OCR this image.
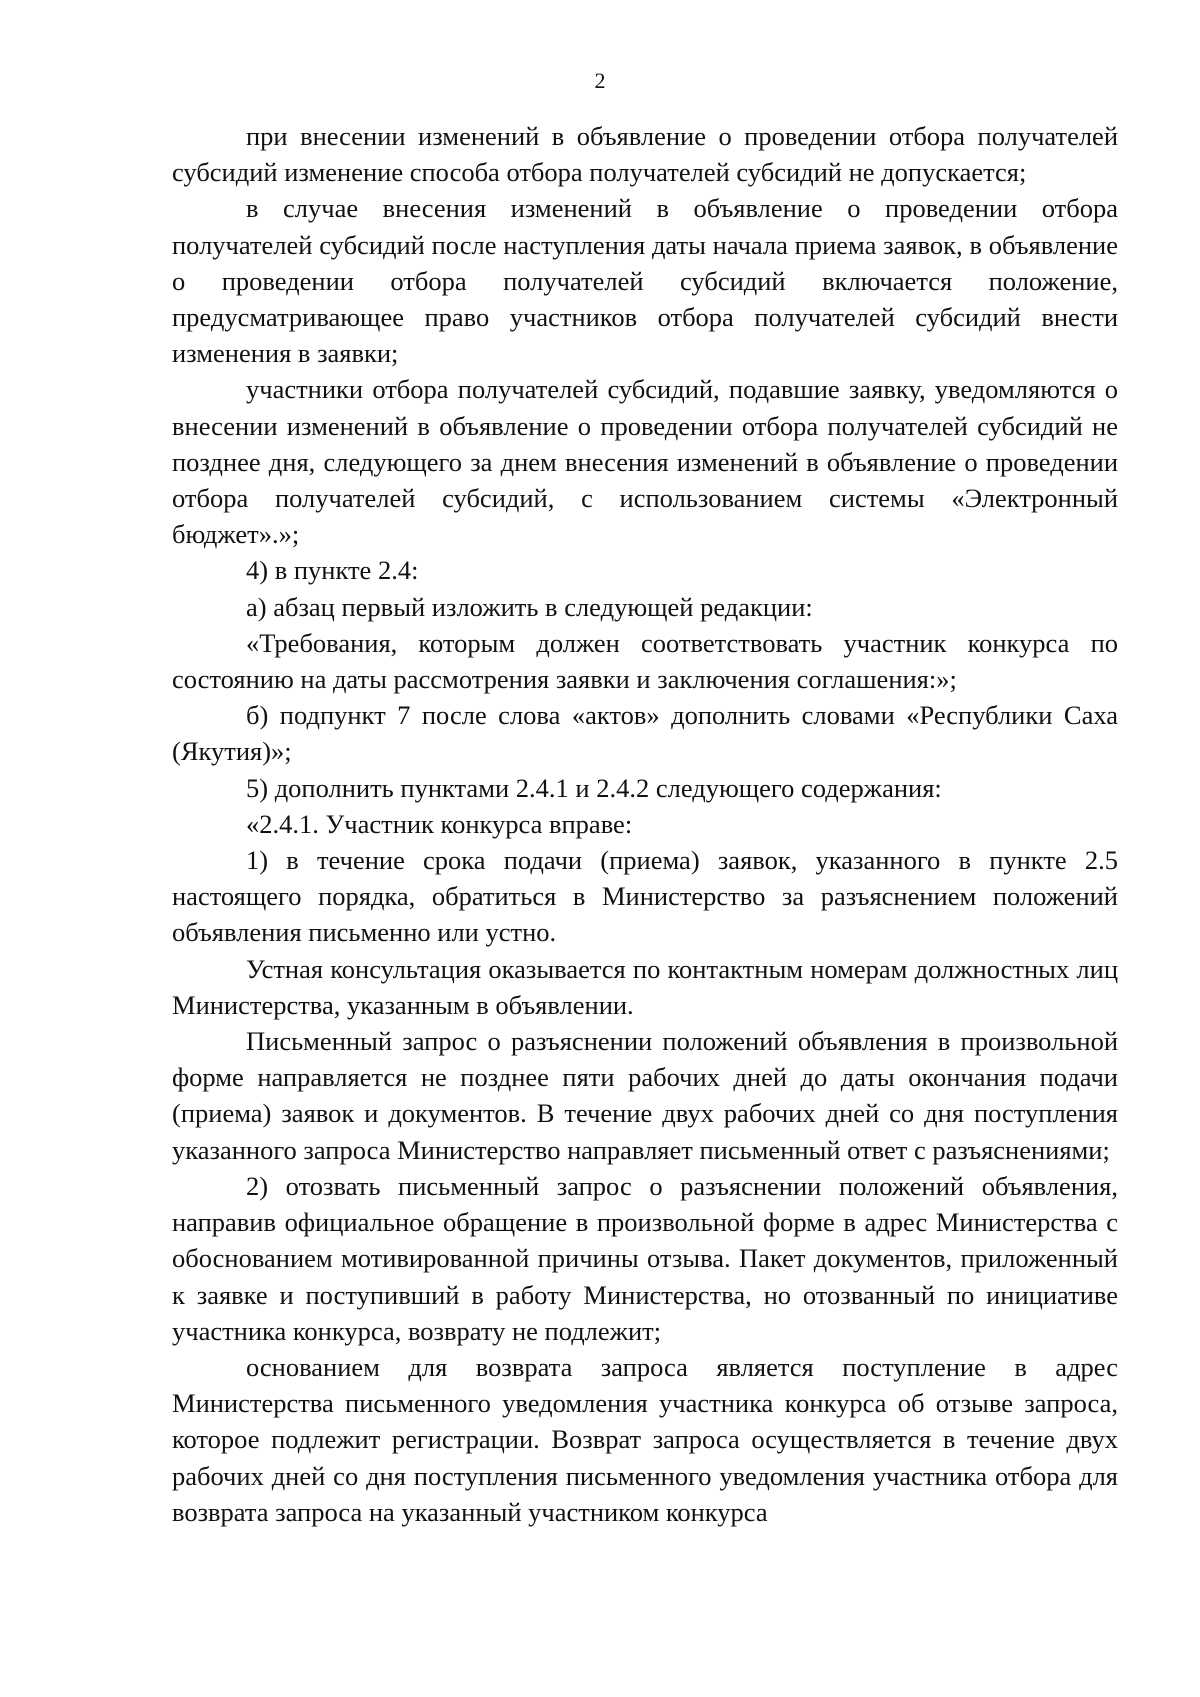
2

при внесении изменений в объявление о проведении отбора получателей субсидий изменение способа отбора получателей субсидий не допускается;

в случае внесения изменений в объявление о проведении отбора получателей субсидий после наступления даты начала приема заявок, в объявление о проведении отбора получателей субсидий включается положение, предусматривающее право участников отбора получателей субсидий внести изменения в заявки;

участники отбора получателей субсидий, подавшие заявку, уведомляются о внесении изменений в объявление о проведении отбора получателей субсидий не позднее дня, следующего за днем внесения изменений в объявление о проведении отбора получателей субсидий, с использованием системы «Электронный бюджет».»;

4) в пункте 2.4:

а) абзац первый изложить в следующей редакции:

«Требования, которым должен соответствовать участник конкурса по состоянию на даты рассмотрения заявки и заключения соглашения:»;

б) подпункт 7 после слова «актов» дополнить словами «Республики Саха (Якутия)»;

5) дополнить пунктами 2.4.1 и 2.4.2 следующего содержания:

«2.4.1. Участник конкурса вправе:

1) в течение срока подачи (приема) заявок, указанного в пункте 2.5 настоящего порядка, обратиться в Министерство за разъяснением положений объявления письменно или устно.

Устная консультация оказывается по контактным номерам должностных лиц Министерства, указанным в объявлении.

Письменный запрос о разъяснении положений объявления в произвольной форме направляется не позднее пяти рабочих дней до даты окончания подачи (приема) заявок и документов. В течение двух рабочих дней со дня поступления указанного запроса Министерство направляет письменный ответ с разъяснениями;

2) отозвать письменный запрос о разъяснении положений объявления, направив официальное обращение в произвольной форме в адрес Министерства с обоснованием мотивированной причины отзыва. Пакет документов, приложенный к заявке и поступивший в работу Министерства, но отозванный по инициативе участника конкурса, возврату не подлежит;

основанием для возврата запроса является поступление в адрес Министерства письменного уведомления участника конкурса об отзыве запроса, которое подлежит регистрации. Возврат запроса осуществляется в течение двух рабочих дней со дня поступления письменного уведомления участника отбора для возврата запроса на указанный участником конкурса
